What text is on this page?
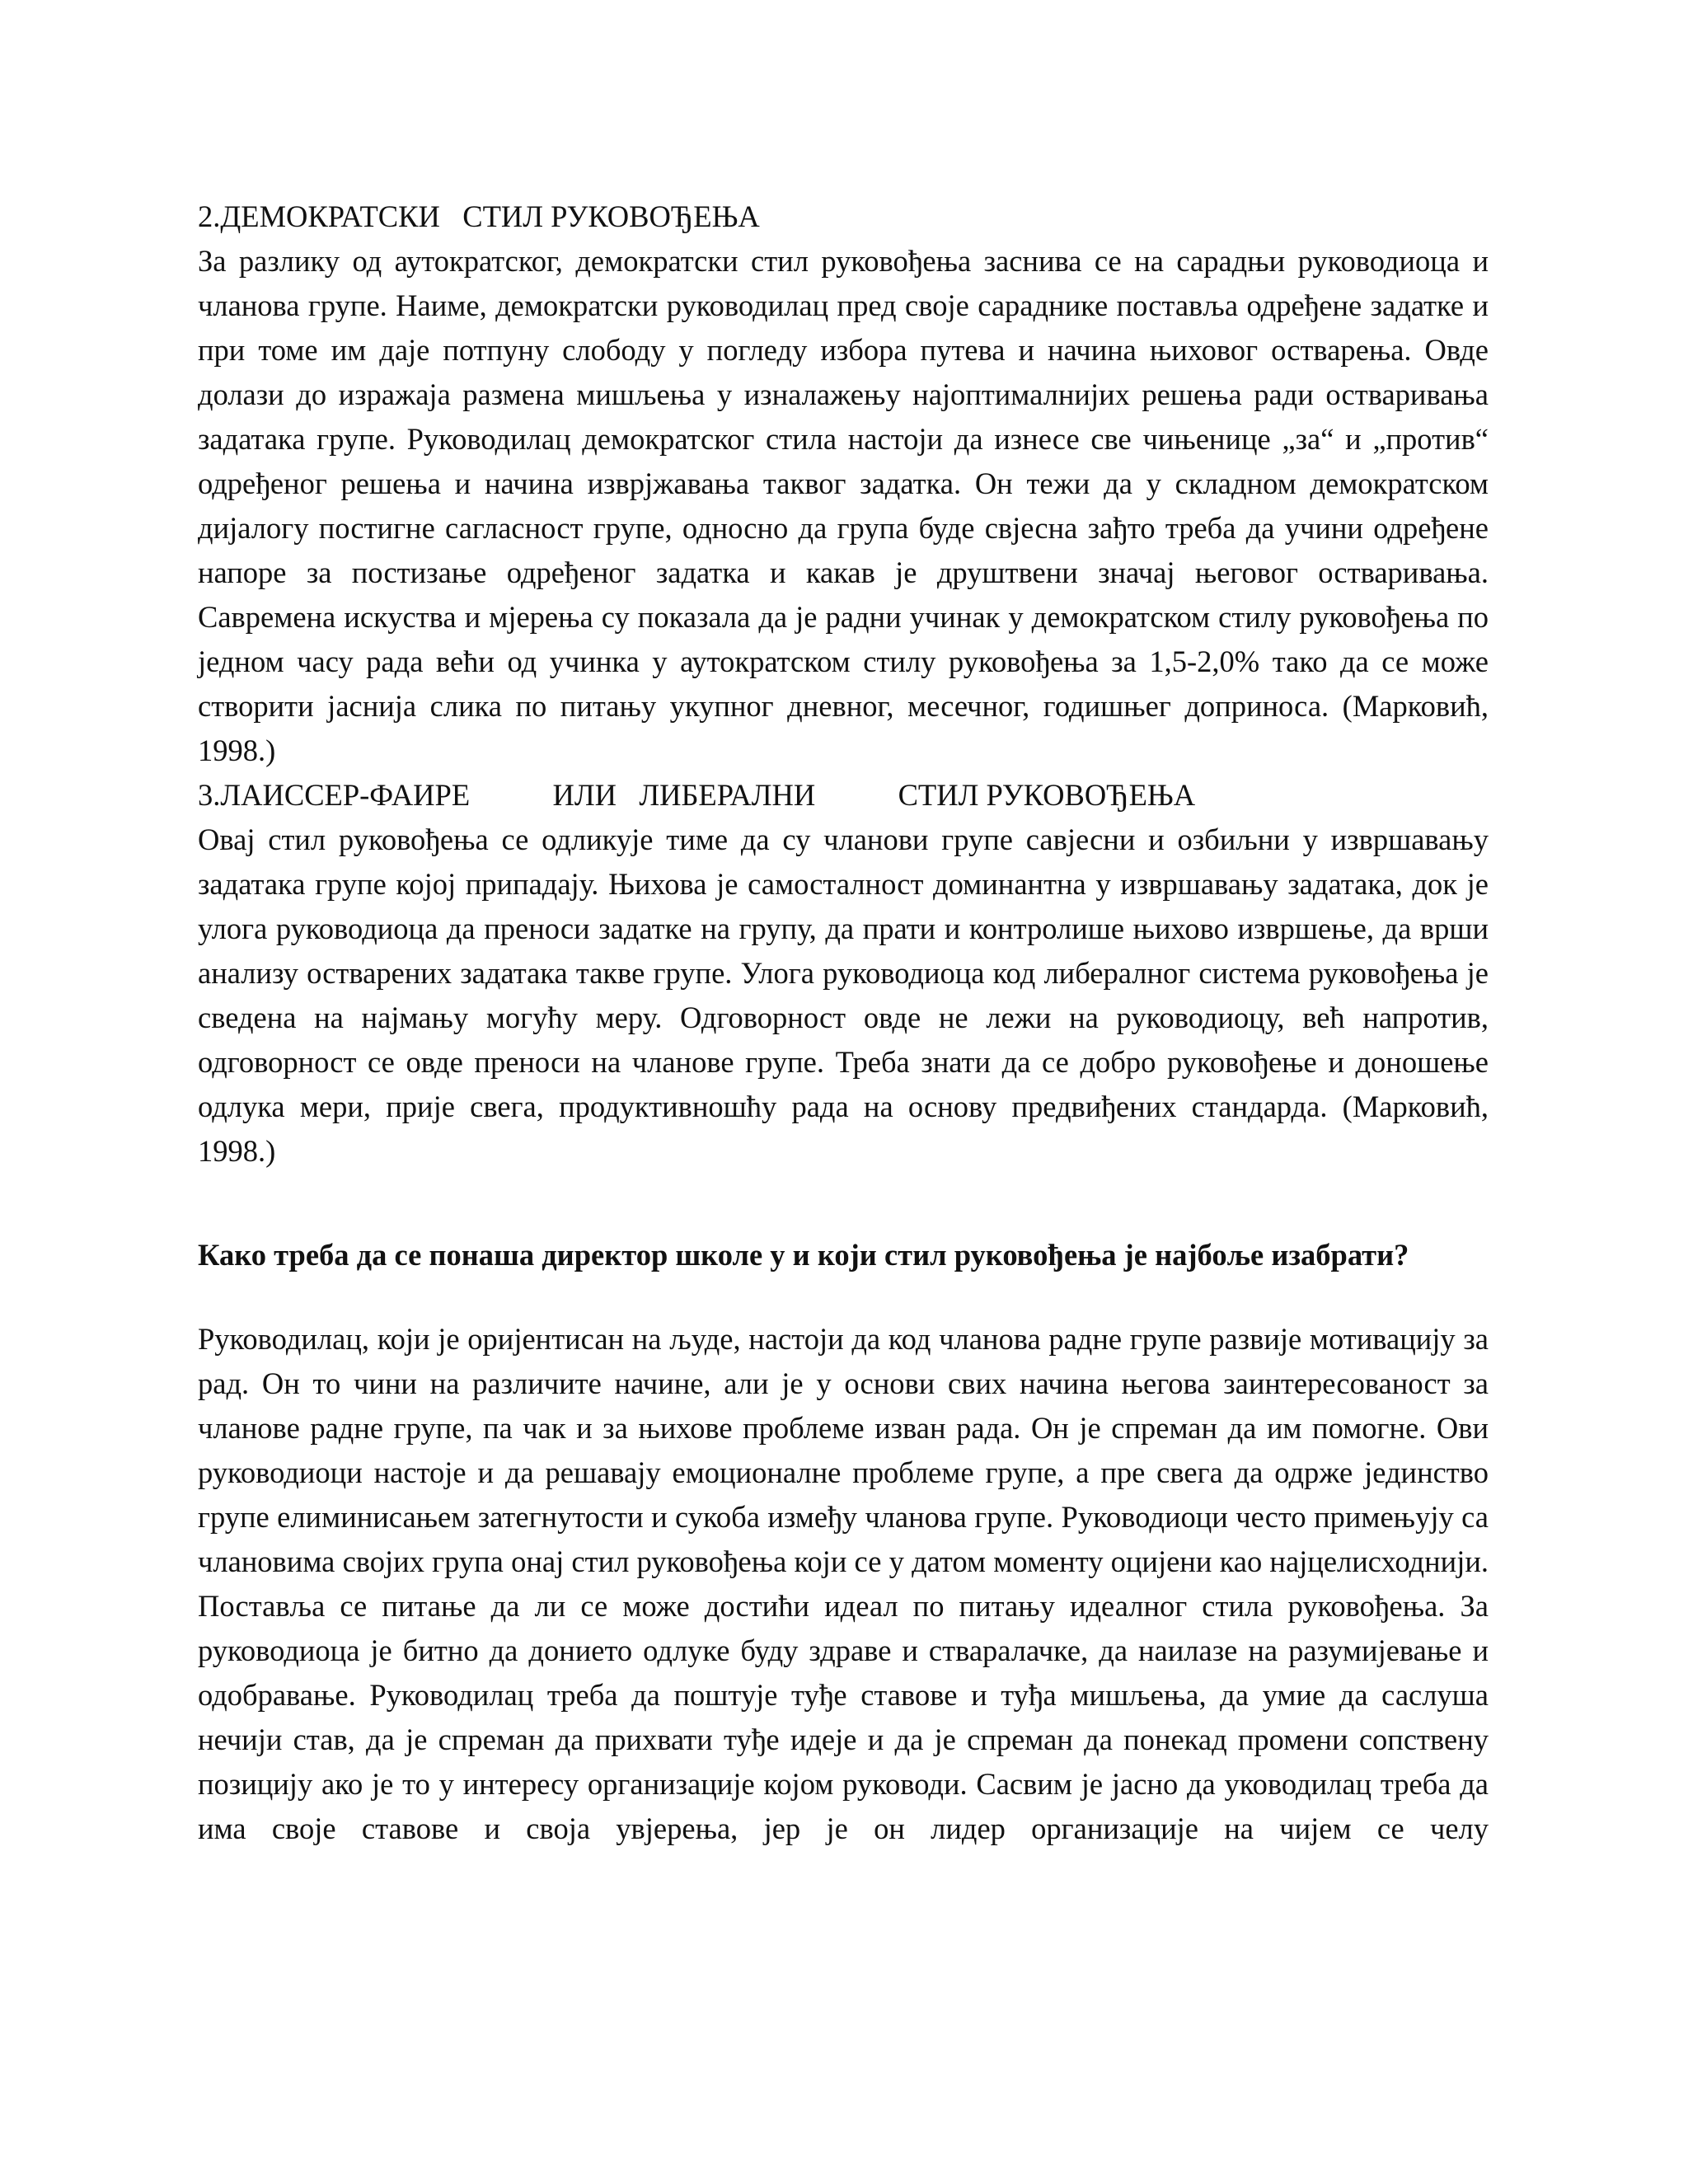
2.ДЕМОКРАТСКИ   СТИЛ РУКОВОЂЕЊА

За разлику од аутократског, демократски стил руковођења заснива се на сарадњи руководиоца и чланова групе. Наиме, демократски руководилац пред своје сараднике поставља одређене задатке и при томе им даје потпуну слободу у погледу избора путева и начина њиховог остварења. Овде долази до изражаја размена мишљења у изналажењу најоптималнијих решења ради остваривања задатака групе. Руководилац демократског стила настоји да изнесе све чињенице „за“ и „против“ одређеног решења и начина изврјжавања таквог задатка. Он тежи да у складном демократском дијалогу постигне сагласност групе, односно да група буде свјесна зађто треба да учини одређене напоре за постизање одређеног задатка и какав је друштвени значај његовог остваривања. Савремена искуства и мјерења су показала да је радни учинак у демократском стилу руковођења по једном часу рада већи од учинка у аутократском стилу руковођења за 1,5-2,0% тако да се може створити јаснија слика по питању укупног дневног, месечног, годишњег доприноса. (Марковић, 1998.)

3.ЛАИССЕР-ФАИРЕ           ИЛИ   ЛИБЕРАЛНИ           СТИЛ РУКОВОЂЕЊА

Овај стил руковођења се одликује тиме да су чланови групе савјесни и озбиљни у извршавању задатака групе којој припадају. Њихова је самосталност доминантна у извршавању задатака, док је улога руководиоца да преноси задатке на групу, да прати и контролише њихово извршење, да врши анализу остварених задатака такве групе. Улога руководиоца код либералног система руковођења је сведена на најмању могућу меру. Одговорност овде не лежи на руководиоцу, већ напротив, одговорност се овде преноси на чланове групе. Треба знати да се добро руковођење и доношење одлука мери, прије свега, продуктивношћу рада на основу предвиђених стандарда. (Марковић, 1998.)

Како треба да се понаша директор школе у и који стил руковођења је најбоље изабрати?

Руководилац, који је оријентисан на људе, настоји да код чланова радне групе развије мотивацију за рад. Он то чини на различите начине, али је у основи свих начина његова заинтересованост за чланове радне групе, па чак и за њихове проблеме изван рада. Он је спреман да им помогне. Ови руководиоци настоје и да решавају емоционалне проблеме групе, а пре свега да одрже јединство групе елиминисањем затегнутости и сукоба између чланова групе. Руководиоци често примењују са члановима својих група онај стил руковођења који се у датом моменту оцијени као најцелисходнији. Поставља се питање да ли се може достићи идеал по питању идеалног стила руковођења. За руководиоца је битно да донието одлуке буду здраве и стваралачке, да наилазе на разумијевање и одобравање. Руководилац треба да поштује туђе ставове и туђа мишљења, да умие да саслуша нечији став, да је спреман да прихвати туђе идеје и да је спреман да понекад промени сопствену позицију ако је то у интересу организације којом руководи. Сасвим је јасно да уководилац треба да има своје ставове и своја увјерења, јер је он лидер организације на чијем се челу
